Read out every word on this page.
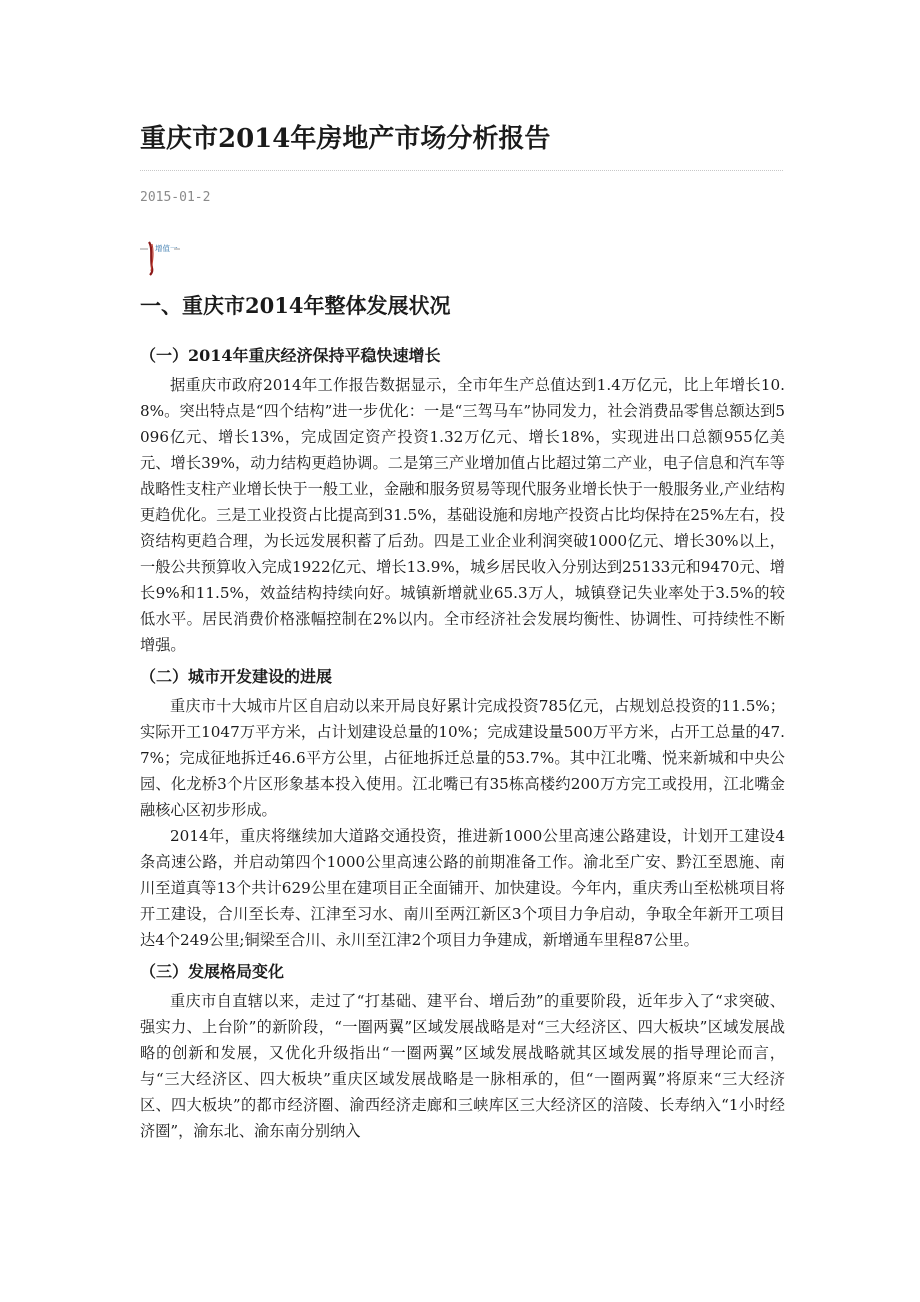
重庆市2014年房地产市场分析报告
2015-01-2
增值一
一、重庆市2014年整体发展状况
（一）2014年重庆经济保持平稳快速增长

据重庆市政府2014年工作报告数据显示，全市年生产总值达到1.4万亿元，比上年增长10.8%。突出特点是“四个结构”进一步优化：一是“三驾马车”协同发力，社会消费品零售总额达到5096亿元、增长13%，完成固定资产投资1.32万亿元、增长18%，实现进出口总额955亿美元、增长39%，动力结构更趋协调。二是第三产业增加值占比超过第二产业，电子信息和汽车等战略性支柱产业增长快于一般工业，金融和服务贸易等现代服务业增长快于一般服务业,产业结构更趋优化。三是工业投资占比提高到31.5%，基础设施和房地产投资占比均保持在25%左右，投资结构更趋合理，为长远发展积蓄了后劲。四是工业企业利润突破1000亿元、增长30%以上，一般公共预算收入完成1922亿元、增长13.9%，城乡居民收入分别达到25133元和9470元、增长9%和11.5%，效益结构持续向好。城镇新增就业65.3万人，城镇登记失业率处于3.5%的较低水平。居民消费价格涨幅控制在2%以内。全市经济社会发展均衡性、协调性、可持续性不断增强。

（二）城市开发建设的进展

重庆市十大城市片区自启动以来开局良好累计完成投资785亿元，占规划总投资的11.5%；实际开工1047万平方米，占计划建设总量的10%；完成建设量500万平方米，占开工总量的47.7%；完成征地拆迁46.6平方公里，占征地拆迁总量的53.7%。其中江北嘴、悦来新城和中央公园、化龙桥3个片区形象基本投入使用。江北嘴已有35栋高楼约200万方完工或投用，江北嘴金融核心区初步形成。

2014年，重庆将继续加大道路交通投资，推进新1000公里高速公路建设，计划开工建设4条高速公路，并启动第四个1000公里高速公路的前期准备工作。渝北至广安、黔江至恩施、南川至道真等13个共计629公里在建项目正全面铺开、加快建设。今年内，重庆秀山至松桃项目将开工建设，合川至长寿、江津至习水、南川至两江新区3个项目力争启动，争取全年新开工项目达4个249公里;铜梁至合川、永川至江津2个项目力争建成，新增通车里程87公里。

（三）发展格局变化

重庆市自直辖以来，走过了“打基础、建平台、增后劲”的重要阶段，近年步入了“求突破、强实力、上台阶”的新阶段，“一圈两翼”区域发展战略是对“三大经济区、四大板块”区域发展战略的创新和发展，又优化升级指出“一圈两翼”区域发展战略就其区域发展的指导理论而言，与“三大经济区、四大板块”重庆区域发展战略是一脉相承的，但“一圈两翼”将原来“三大经济区、四大板块”的都市经济圈、渝西经济走廊和三峡库区三大经济区的涪陵、长寿纳入“1小时经济圈”，渝东北、渝东南分别纳入
